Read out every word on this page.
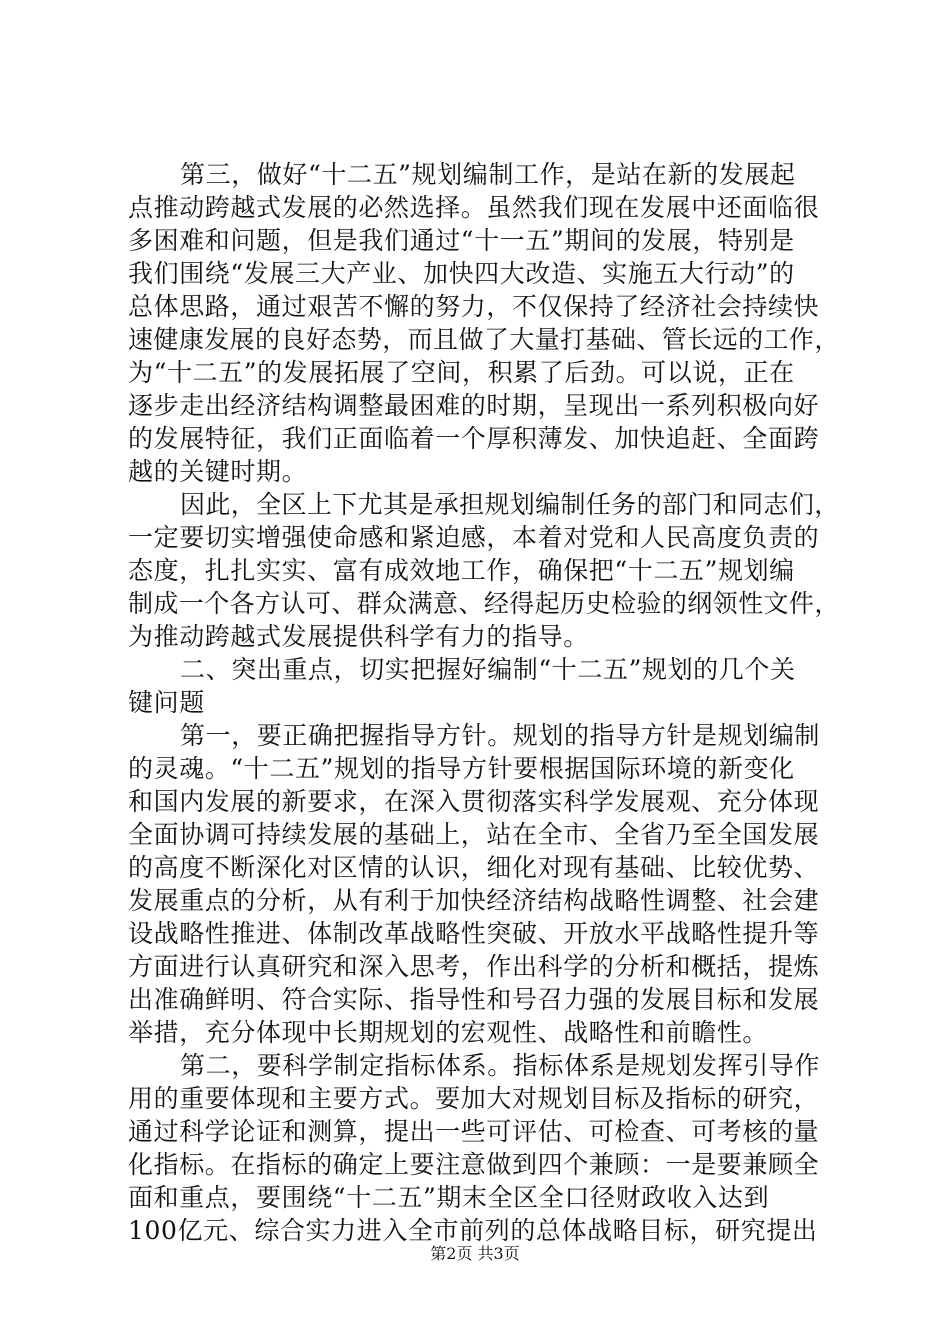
第三，做好“十二五”规划编制工作，是站在新的发展起
点推动跨越式发展的必然选择。虽然我们现在发展中还面临很
多困难和问题，但是我们通过“十一五”期间的发展，特别是
我们围绕“发展三大产业、加快四大改造、实施五大行动”的
总体思路，通过艰苦不懈的努力，不仅保持了经济社会持续快
速健康发展的良好态势，而且做了大量打基础、管长远的工作，
为“十二五”的发展拓展了空间，积累了后劲。可以说，正在
逐步走出经济结构调整最困难的时期，呈现出一系列积极向好
的发展特征，我们正面临着一个厚积薄发、加快追赶、全面跨
越的关键时期。
因此，全区上下尤其是承担规划编制任务的部门和同志们，
一定要切实增强使命感和紧迫感，本着对党和人民高度负责的
态度，扎扎实实、富有成效地工作，确保把“十二五”规划编
制成一个各方认可、群众满意、经得起历史检验的纲领性文件，
为推动跨越式发展提供科学有力的指导。
二、突出重点，切实把握好编制“十二五”规划的几个关
键问题
第一，要正确把握指导方针。规划的指导方针是规划编制
的灵魂。“十二五”规划的指导方针要根据国际环境的新变化
和国内发展的新要求，在深入贯彻落实科学发展观、充分体现
全面协调可持续发展的基础上，站在全市、全省乃至全国发展
的高度不断深化对区情的认识，细化对现有基础、比较优势、
发展重点的分析，从有利于加快经济结构战略性调整、社会建
设战略性推进、体制改革战略性突破、开放水平战略性提升等
方面进行认真研究和深入思考，作出科学的分析和概括，提炼
出准确鲜明、符合实际、指导性和号召力强的发展目标和发展
举措，充分体现中长期规划的宏观性、战略性和前瞻性。
第二，要科学制定指标体系。指标体系是规划发挥引导作
用的重要体现和主要方式。要加大对规划目标及指标的研究，
通过科学论证和测算，提出一些可评估、可检查、可考核的量
化指标。在指标的确定上要注意做到四个兼顾：一是要兼顾全
面和重点，要围绕“十二五”期末全区全口径财政收入达到
100亿元、综合实力进入全市前列的总体战略目标，研究提出
第2页 共3页
